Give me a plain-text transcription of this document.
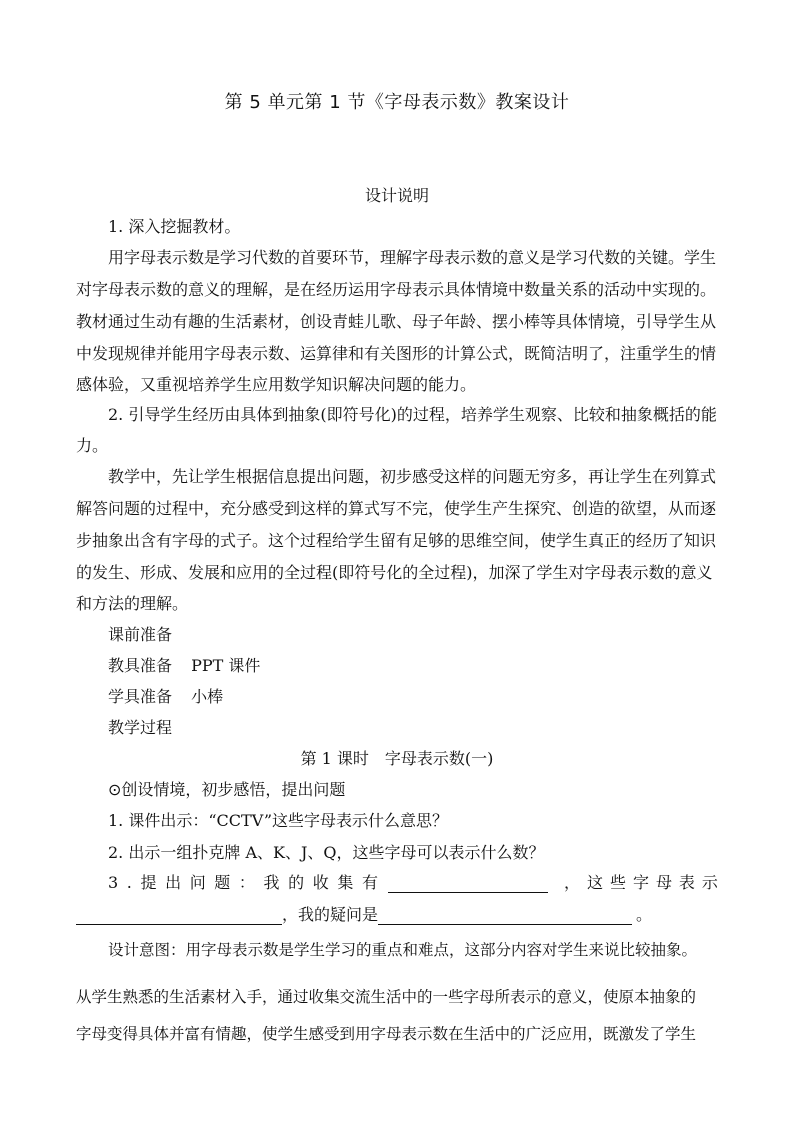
第 5 单元第 1 节《字母表示数》教案设计
设计说明
1. 深入挖掘教材。
用字母表示数是学习代数的首要环节，理解字母表示数的意义是学习代数的关键。学生
对字母表示数的意义的理解，是在经历运用字母表示具体情境中数量关系的活动中实现的。
教材通过生动有趣的生活素材，创设青蛙儿歌、母子年龄、摆小棒等具体情境，引导学生从
中发现规律并能用字母表示数、运算律和有关图形的计算公式，既简洁明了，注重学生的情
感体验，又重视培养学生应用数学知识解决问题的能力。
2. 引导学生经历由具体到抽象(即符号化)的过程，培养学生观察、比较和抽象概括的能
力。
教学中，先让学生根据信息提出问题，初步感受这样的问题无穷多，再让学生在列算式
解答问题的过程中，充分感受到这样的算式写不完，使学生产生探究、创造的欲望，从而逐
步抽象出含有字母的式子。这个过程给学生留有足够的思维空间，使学生真正的经历了知识
的发生、形成、发展和应用的全过程(即符号化的全过程)，加深了学生对字母表示数的意义
和方法的理解。
课前准备
教具准备 PPT 课件
学具准备 小棒
教学过程
第 1 课时　字母表示数(一)
⊙创设情境，初步感悟，提出问题
1. 课件出示：“CCTV”这些字母表示什么意思？
2. 出示一组扑克牌 A、K、J、Q，这些字母可以表示什么数？
3 . 提 出 问 题 ： 我 的 收 集 有	， 这 些 字 母 表 示
，我的疑问是	。
设计意图：用字母表示数是学生学习的重点和难点，这部分内容对学生来说比较抽象。
从学生熟悉的生活素材入手，通过收集交流生活中的一些字母所表示的意义，使原本抽象的
字母变得具体并富有情趣，使学生感受到用字母表示数在生活中的广泛应用，既激发了学生
